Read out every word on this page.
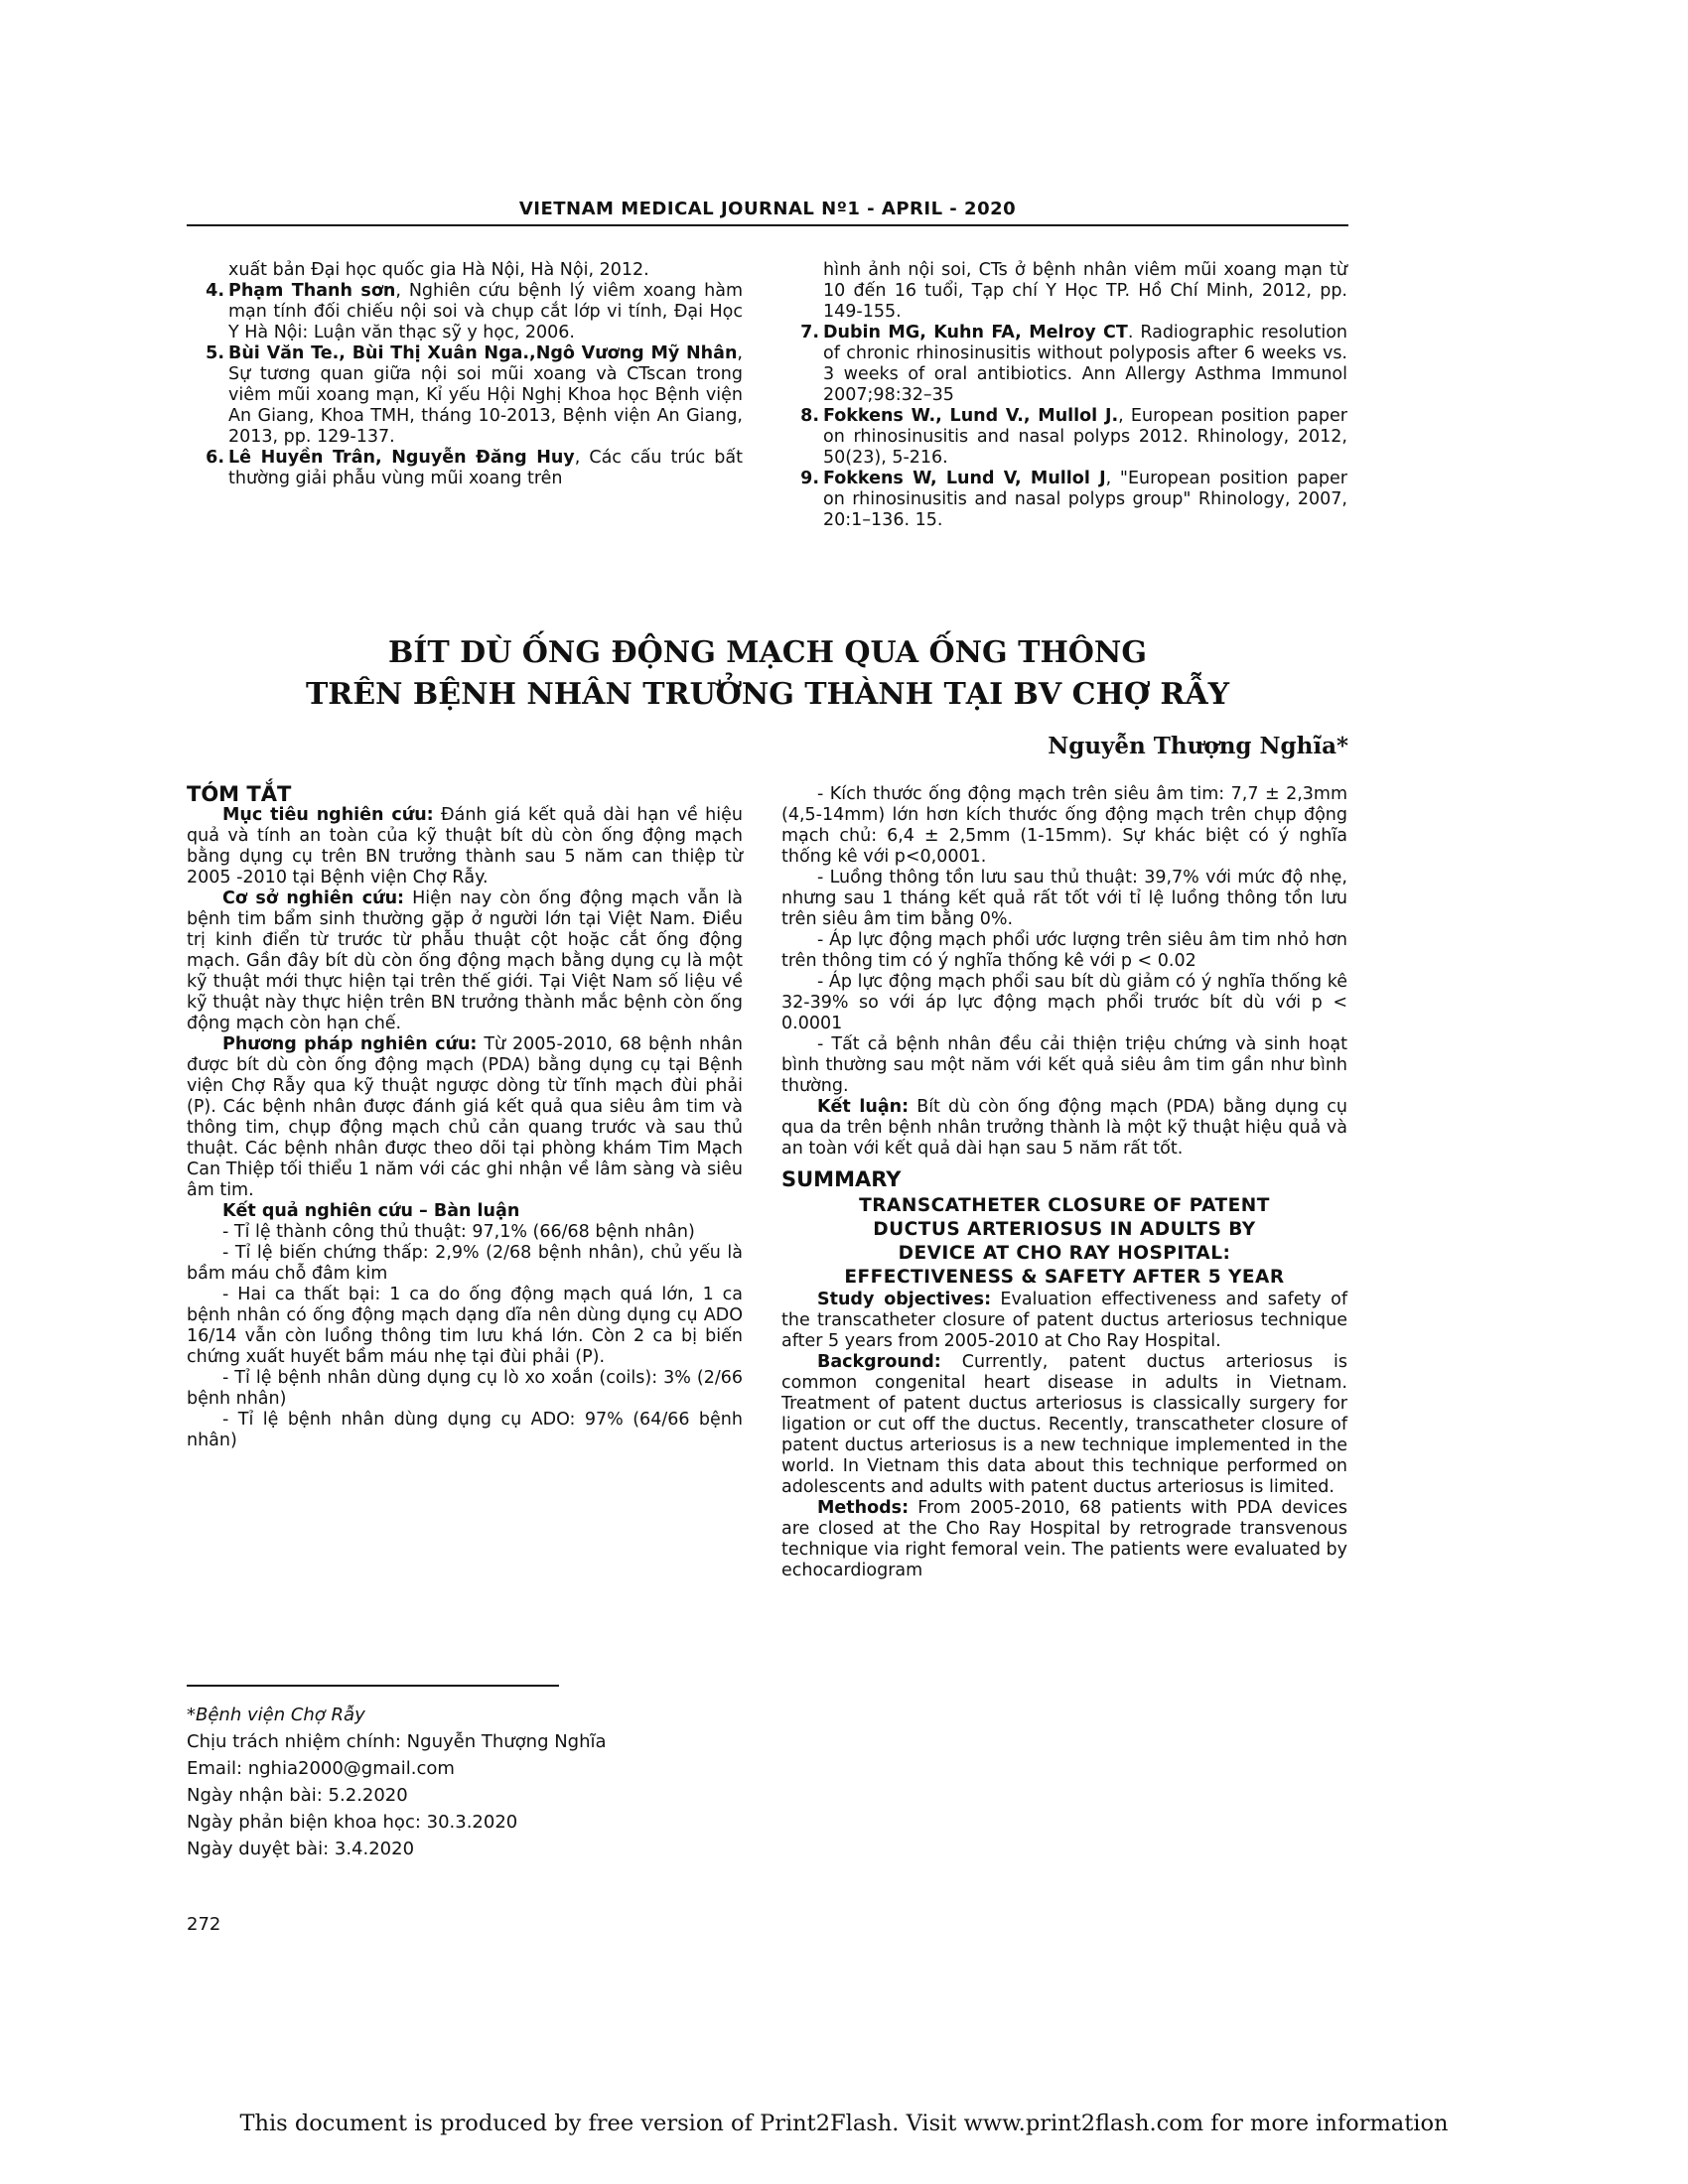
VIETNAM MEDICAL JOURNAL Nº1 - APRIL - 2020
xuất bản Đại học quốc gia Hà Nội, Hà Nội, 2012.
4. Phạm Thanh sơn, Nghiên cứu bệnh lý viêm xoang hàm mạn tính đối chiếu nội soi và chụp cắt lớp vi tính, Đại Học Y Hà Nội: Luận văn thạc sỹ y học, 2006.
5. Bùi Văn Te., Bùi Thị Xuân Nga.,Ngô Vương Mỹ Nhân, Sự tương quan giữa nội soi mũi xoang và CTscan trong viêm mũi xoang mạn, Kỉ yếu Hội Nghị Khoa học Bệnh viện An Giang, Khoa TMH, tháng 10-2013, Bệnh viện An Giang, 2013, pp. 129-137.
6. Lê Huyền Trân, Nguyễn Đăng Huy, Các cấu trúc bất thường giải phẫu vùng mũi xoang trên
hình ảnh nội soi, CTs ở bệnh nhân viêm mũi xoang mạn từ 10 đến 16 tuổi, Tạp chí Y Học TP. Hồ Chí Minh, 2012, pp. 149-155.
7. Dubin MG, Kuhn FA, Melroy CT. Radiographic resolution of chronic rhinosinusitis without polyposis after 6 weeks vs. 3 weeks of oral antibiotics. Ann Allergy Asthma Immunol 2007;98:32–35
8. Fokkens W., Lund V., Mullol J., European position paper on rhinosinusitis and nasal polyps 2012. Rhinology, 2012, 50(23), 5-216.
9. Fokkens W, Lund V, Mullol J, "European position paper on rhinosinusitis and nasal polyps group" Rhinology, 2007, 20:1–136. 15.
BÍT DÙ ỐNG ĐỘNG MẠCH QUA ỐNG THÔNG
TRÊN BỆNH NHÂN TRƯỞNG THÀNH TẠI BV CHỢ RẪY
Nguyễn Thượng Nghĩa*
TÓM TẮT

Mục tiêu nghiên cứu: Đánh giá kết quả dài hạn về hiệu quả và tính an toàn của kỹ thuật bít dù còn ống động mạch bằng dụng cụ trên BN trưởng thành sau 5 năm can thiệp từ 2005 -2010 tại Bệnh viện Chợ Rẫy.

Cơ sở nghiên cứu: Hiện nay còn ống động mạch vẫn là bệnh tim bẩm sinh thường gặp ở người lớn tại Việt Nam. Điều trị kinh điển từ trước từ phẫu thuật cột hoặc cắt ống động mạch. Gần đây bít dù còn ống động mạch bằng dụng cụ là một kỹ thuật mới thực hiện tại trên thế giới. Tại Việt Nam số liệu về kỹ thuật này thực hiện trên BN trưởng thành mắc bệnh còn ống động mạch còn hạn chế.

Phương pháp nghiên cứu: Từ 2005-2010, 68 bệnh nhân được bít dù còn ống động mạch (PDA) bằng dụng cụ tại Bệnh viện Chợ Rẫy qua kỹ thuật ngược dòng từ tĩnh mạch đùi phải (P). Các bệnh nhân được đánh giá kết quả qua siêu âm tim và thông tim, chụp động mạch chủ cản quang trước và sau thủ thuật. Các bệnh nhân được theo dõi tại phòng khám Tim Mạch Can Thiệp tối thiểu 1 năm với các ghi nhận về lâm sàng và siêu âm tim.

Kết quả nghiên cứu – Bàn luận

- Tỉ lệ thành công thủ thuật: 97,1% (66/68 bệnh nhân)

- Tỉ lệ biến chứng thấp: 2,9% (2/68 bệnh nhân), chủ yếu là bầm máu chỗ đâm kim

- Hai ca thất bại: 1 ca do ống động mạch quá lớn, 1 ca bệnh nhân có ống động mạch dạng dĩa nên dùng dụng cụ ADO 16/14 vẫn còn luồng thông tim lưu khá lớn. Còn 2 ca bị biến chứng xuất huyết bầm máu nhẹ tại đùi phải (P).

- Tỉ lệ bệnh nhân dùng dụng cụ lò xo xoắn (coils): 3% (2/66 bệnh nhân)

- Tỉ lệ bệnh nhân dùng dụng cụ ADO: 97% (64/66 bệnh nhân)

*Bệnh viện Chợ Rẫy
Chịu trách nhiệm chính: Nguyễn Thượng Nghĩa
Email: nghia2000@gmail.com
Ngày nhận bài: 5.2.2020
Ngày phản biện khoa học: 30.3.2020
Ngày duyệt bài: 3.4.2020

- Kích thước ống động mạch trên siêu âm tim: 7,7 ± 2,3mm (4,5-14mm) lớn hơn kích thước ống động mạch trên chụp động mạch chủ: 6,4 ± 2,5mm (1-15mm). Sự khác biệt có ý nghĩa thống kê với p<0,0001.

- Luồng thông tồn lưu sau thủ thuật: 39,7% với mức độ nhẹ, nhưng sau 1 tháng kết quả rất tốt với tỉ lệ luồng thông tồn lưu trên siêu âm tim bằng 0%.

- Áp lực động mạch phổi ước lượng trên siêu âm tim nhỏ hơn trên thông tim có ý nghĩa thống kê với p < 0.02

- Áp lực động mạch phổi sau bít dù giảm có ý nghĩa thống kê 32-39% so với áp lực động mạch phổi trước bít dù với p < 0.0001

- Tất cả bệnh nhân đều cải thiện triệu chứng và sinh hoạt bình thường sau một năm với kết quả siêu âm tim gần như bình thường.

Kết luận: Bít dù còn ống động mạch (PDA) bằng dụng cụ qua da trên bệnh nhân trưởng thành là một kỹ thuật hiệu quả và an toàn với kết quả dài hạn sau 5 năm rất tốt.

SUMMARY
TRANSCATHETER CLOSURE OF PATENT
DUCTUS ARTERIOSUS IN ADULTS BY
DEVICE AT CHO RAY HOSPITAL:
EFFECTIVENESS & SAFETY AFTER 5 YEAR

Study objectives: Evaluation effectiveness and safety of the transcatheter closure of patent ductus arteriosus technique after 5 years from 2005-2010 at Cho Ray Hospital.

Background: Currently, patent ductus arteriosus is common congenital heart disease in adults in Vietnam. Treatment of patent ductus arteriosus is classically surgery for ligation or cut off the ductus. Recently, transcatheter closure of patent ductus arteriosus is a new technique implemented in the world. In Vietnam this data about this technique performed on adolescents and adults with patent ductus arteriosus is limited.

Methods: From 2005-2010, 68 patients with PDA devices are closed at the Cho Ray Hospital by retrograde transvenous technique via right femoral vein. The patients were evaluated by echocardiogram

272
This document is produced by free version of Print2Flash. Visit www.print2flash.com for more information
